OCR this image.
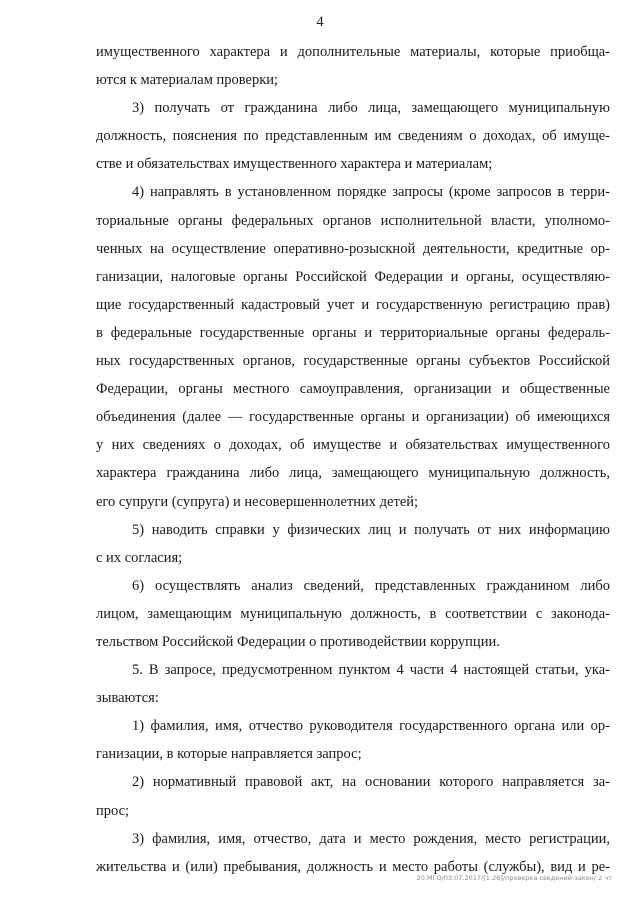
4
имущественного характера и дополнительные материалы, которые приобща-
ются к материалам проверки;
3) получать от гражданина либо лица, замещающего муниципальную
должность, пояснения по представленным им сведениям о доходах, об имуще-
стве и обязательствах имущественного характера и материалам;
4) направлять в установленном порядке запросы (кроме запросов в терри-
ториальные органы федеральных органов исполнительной власти, уполномо-
ченных на осуществление оперативно-розыскной деятельности, кредитные ор-
ганизации, налоговые органы Российской Федерации и органы, осуществляю-
щие государственный кадастровый учет и государственную регистрацию прав)
в федеральные государственные органы и территориальные органы федераль-
ных государственных органов, государственные органы субъектов Российской
Федерации, органы местного самоуправления, организации и общественные
объединения (далее — государственные органы и организации) об имеющихся
у них сведениях о доходах, об имуществе и обязательствах имущественного
характера гражданина либо лица, замещающего муниципальную должность,
его супруги (супруга) и несовершеннолетних детей;
5) наводить справки у физических лиц и получать от них информацию
с их согласия;
6) осуществлять анализ сведений, представленных гражданином либо
лицом, замещающим муниципальную должность, в соответствии с законода-
тельством Российской Федерации о противодействии коррупции.
5. В запросе, предусмотренном пунктом 4 части 4 настоящей статьи, ука-
зываются:
1) фамилия, имя, отчество руководителя государственного органа или ор-
ганизации, в которые направляется запрос;
2) нормативный правовой акт, на основании которого направляется за-
прос;
3) фамилия, имя, отчество, дата и место рождения, место регистрации,
жительства и (или) пребывания, должность и место работы (службы), вид и ре-
20.МГО/03.07.2017/[1:26]/проверка сведений-закон/ 2 чт
